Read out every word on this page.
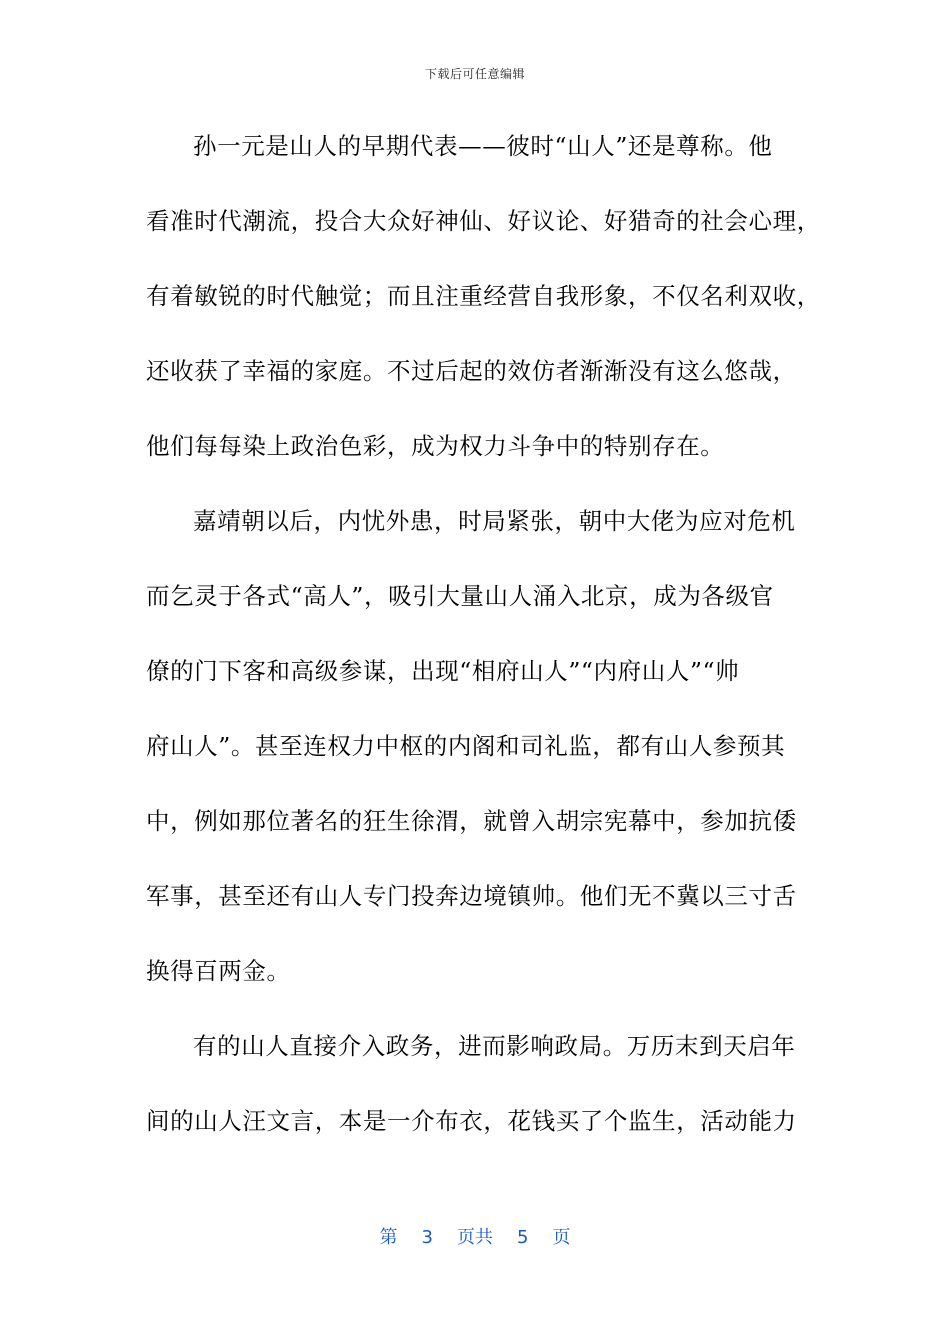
下载后可任意编辑
孙一元是山人的早期代表——彼时“山人”还是尊称。他
看准时代潮流，投合大众好神仙、好议论、好猎奇的社会心理，
有着敏锐的时代触觉；而且注重经营自我形象，不仅名利双收，
还收获了幸福的家庭。不过后起的效仿者渐渐没有这么悠哉，
他们每每染上政治色彩，成为权力斗争中的特别存在。
嘉靖朝以后，内忧外患，时局紧张，朝中大佬为应对危机
而乞灵于各式“高人”，吸引大量山人涌入北京，成为各级官
僚的门下客和高级参谋，出现“相府山人”“内府山人”“帅
府山人”。甚至连权力中枢的内阁和司礼监，都有山人参预其
中，例如那位著名的狂生徐渭，就曾入胡宗宪幕中，参加抗倭
军事，甚至还有山人专门投奔边境镇帅。他们无不冀以三寸舌
换得百两金。
有的山人直接介入政务，进而影响政局。万历末到天启年
间的山人汪文言，本是一介布衣，花钱买了个监生，活动能力
第 3 页共 5 页
